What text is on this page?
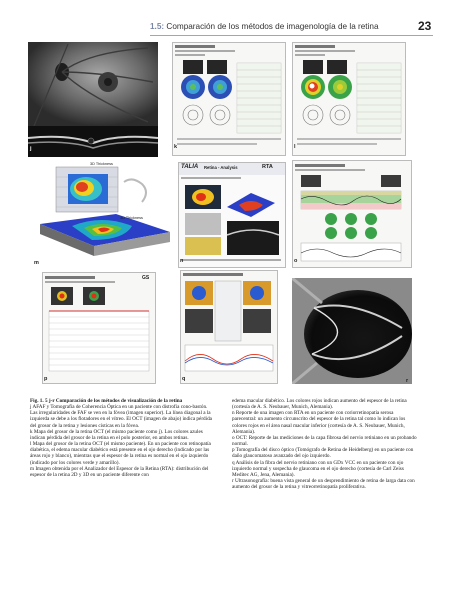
1.5: Comparación de los métodos de imagenología de la retina	23
j	k	l
3D Thickness
3D Thickness
m
TALIA Retina - Analysis	RTA
n	o
GS
p	q	r

Fig. 1. 5 j-r Comparación de los métodos de visualización de la retina

j AFAF y Tomografía de Coherencia Óptica en un paciente con distrofia cono-bastón. Las irregularidades de FAF se ven en la fóvea (imagen superior). La línea diagonal a la izquierda se debe a los flotadores en el vítreo. El OCT (imagen de abajo) indica pérdida del grosor de la retina y lesiones císticas en la fóvea.

k Mapa del grosor de la retina OCT (el mismo paciente como j). Los colores azules indican pérdida del grosor de la retina en el polo posterior, en ambos retinas.

l Mapa del grosor de la retina OCT (el mismo paciente). En un paciente con retinopatía diabética, el edema macular diabético está presente en el ojo derecho (indicado por las áreas rojo y blanco), mientras que el espesor de la retina es normal en el ojo izquierdo (indicado por los colores verde y amarillo).

m Imagen obtenida por el Analizador del Espesor de la Retina (RTA): distribución del espesor de la retina 2D y 3D en un paciente diferente con

edema macular diabético. Los colores rojos indican aumento del espesor de la retina (cortesía de A. S. Neubauer, Munich, Alemania).

n Reporte de una imagen con RTA en un paciente con coriorretinopatía serosa parecentral: un aumento circunscrito del espesor de la retina tal como lo indican los colores rojos en el área nasal macular inferior (cortesía de A. S. Neubauer, Munich, Alemania).

o OCT: Reporte de las mediciones de la capa fibrosa del nervio retiniano en un probando normal.

p Tomografía del disco óptico (Tomógrafo de Retina de Heidelberg) en un paciente con daño glaucomatoso avanzado del ojo izquierdo.

q Análisis de la fibra del nervio retiniano con un GDx VCC en un paciente con ojo izquierdo normal y sospecha de glaucoma en el ojo derecho (cortesía de Carl Zeiss Meditec AG, Jena, Alemania).

r Ultrasonografía: buena vista general de un desprendimiento de retina de larga data con aumento del grosor de la retina y vitreorretinopatía proliferativa.
